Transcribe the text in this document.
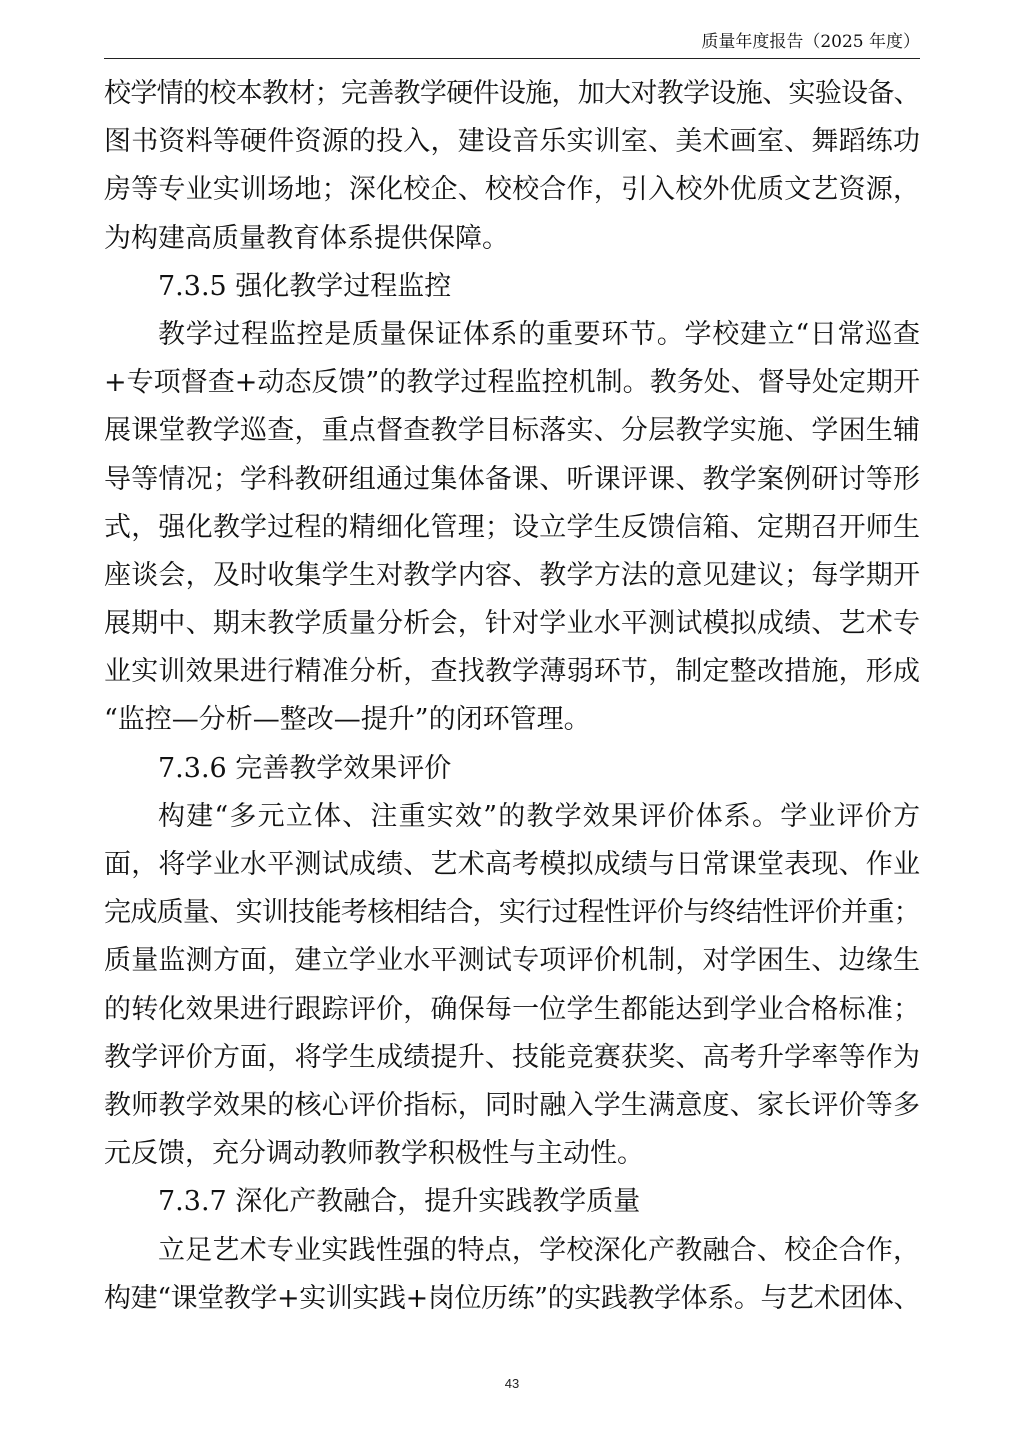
质量年度报告（2025 年度）
校学情的校本教材；完善教学硬件设施，加大对教学设施、实验设备、
图书资料等硬件资源的投入，建设音乐实训室、美术画室、舞蹈练功
房等专业实训场地；深化校企、校校合作，引入校外优质文艺资源，
为构建高质量教育体系提供保障。
7.3.5 强化教学过程监控
教学过程监控是质量保证体系的重要环节。学校建立“日常巡查
+专项督查+动态反馈”的教学过程监控机制。教务处、督导处定期开
展课堂教学巡查，重点督查教学目标落实、分层教学实施、学困生辅
导等情况；学科教研组通过集体备课、听课评课、教学案例研讨等形
式，强化教学过程的精细化管理；设立学生反馈信箱、定期召开师生
座谈会，及时收集学生对教学内容、教学方法的意见建议；每学期开
展期中、期末教学质量分析会，针对学业水平测试模拟成绩、艺术专
业实训效果进行精准分析，查找教学薄弱环节，制定整改措施，形成
“监控—分析—整改—提升”的闭环管理。
7.3.6 完善教学效果评价
构建“多元立体、注重实效”的教学效果评价体系。学业评价方
面，将学业水平测试成绩、艺术高考模拟成绩与日常课堂表现、作业
完成质量、实训技能考核相结合，实行过程性评价与终结性评价并重；
质量监测方面，建立学业水平测试专项评价机制，对学困生、边缘生
的转化效果进行跟踪评价，确保每一位学生都能达到学业合格标准；
教学评价方面，将学生成绩提升、技能竞赛获奖、高考升学率等作为
教师教学效果的核心评价指标，同时融入学生满意度、家长评价等多
元反馈，充分调动教师教学积极性与主动性。
7.3.7 深化产教融合，提升实践教学质量
立足艺术专业实践性强的特点，学校深化产教融合、校企合作，
构建“课堂教学+实训实践+岗位历练”的实践教学体系。与艺术团体、
43
